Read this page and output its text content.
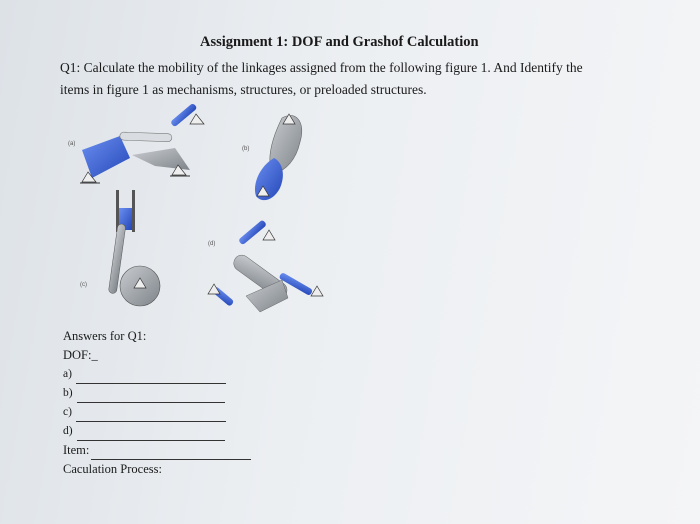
Assignment 1: DOF and Grashof Calculation
Q1: Calculate the mobility of the linkages assigned from the following figure 1. And Identify the
items in figure 1 as mechanisms, structures, or preloaded structures.
(a)
(b)
(c)
(d)
Answers for Q1:
DOF: _
a)
b)
c)
d)
Item:
Caculation Process:
